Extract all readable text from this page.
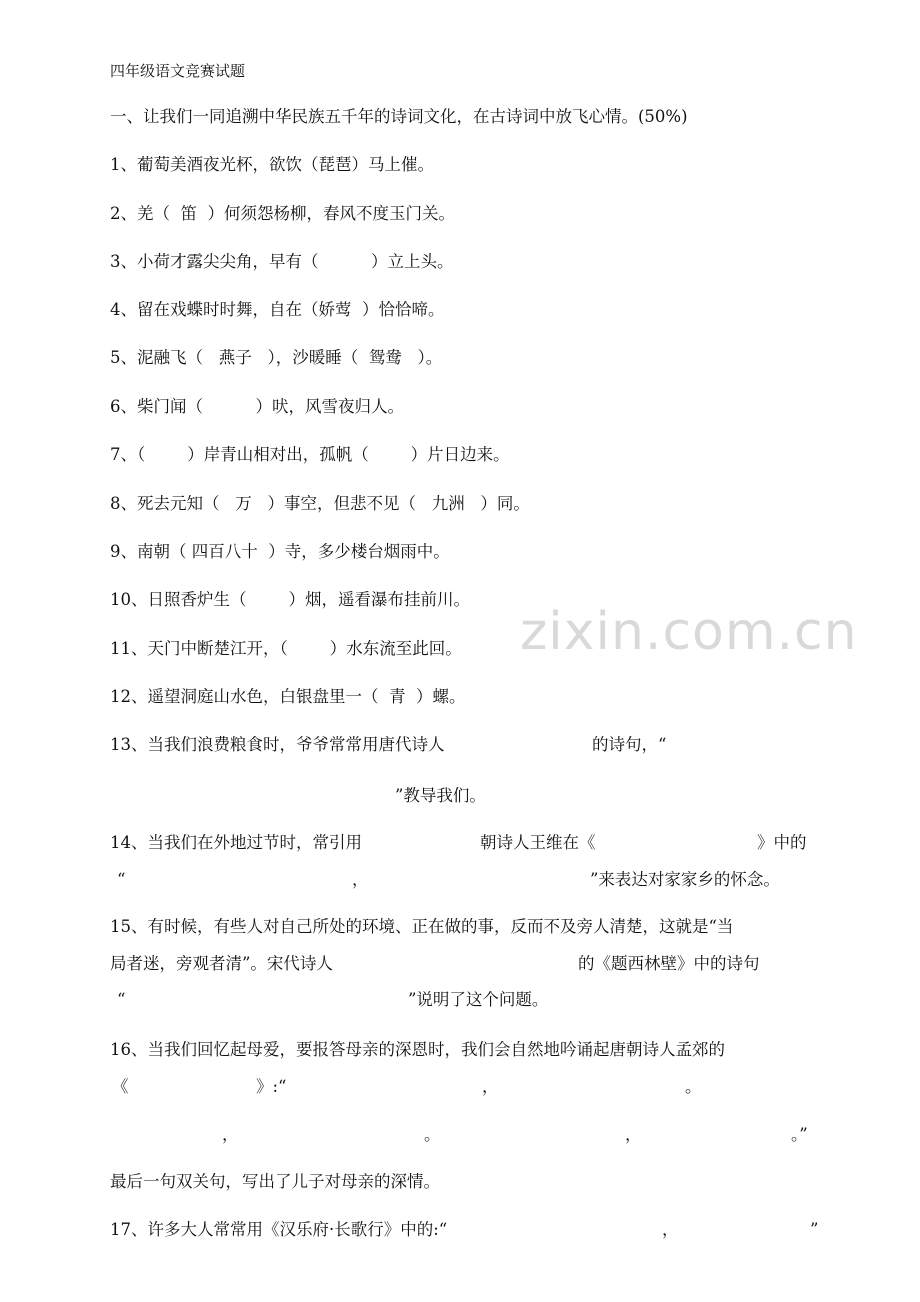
四年级语文竞赛试题
一、让我们一同追溯中华民族五千年的诗词文化，在古诗词中放飞心情。(50%)
1、葡萄美酒夜光杯，欲饮（琵琶）马上催。
2、羌（  笛  ）何须怨杨柳，春风不度玉门关。
3、小荷才露尖尖角，早有（          ）立上头。
4、留在戏蝶时时舞，自在（娇莺  ）恰恰啼。
5、泥融飞（   燕子   ），沙暖睡（  鸳鸯   ）。
6、柴门闻（          ）吠，风雪夜归人。
7、（        ）岸青山相对出，孤帆（        ）片日边来。
8、死去元知（   万   ）事空，但悲不见（   九洲   ）同。
9、南朝（ 四百八十  ）寺，多少楼台烟雨中。
10、日照香炉生（        ）烟，遥看瀑布挂前川。
11、天门中断楚江开，（        ）水东流至此回。
12、遥望洞庭山水色，白银盘里一（  青  ）螺。
13、当我们浪费粮食时，爷爷常常用唐代诗人	的诗句，“
”教导我们。
14、当我们在外地过节时，常引用	朝诗人王维在《	》中的
“	，	”来表达对家家乡的怀念。
15、有时候，有些人对自己所处的环境、正在做的事，反而不及旁人清楚，这就是“当
局者迷，旁观者清”。宋代诗人	的《题西林壁》中的诗句
“	”说明了这个问题。
16、当我们回忆起母爱，要报答母亲的深恩时，我们会自然地吟诵起唐朝诗人孟郊的
《	》:“	，	。
，	。	，	。”
最后一句双关句，写出了儿子对母亲的深情。
17、许多大人常常用《汉乐府·长歌行》中的:“	，	”
zixin.com.cn
